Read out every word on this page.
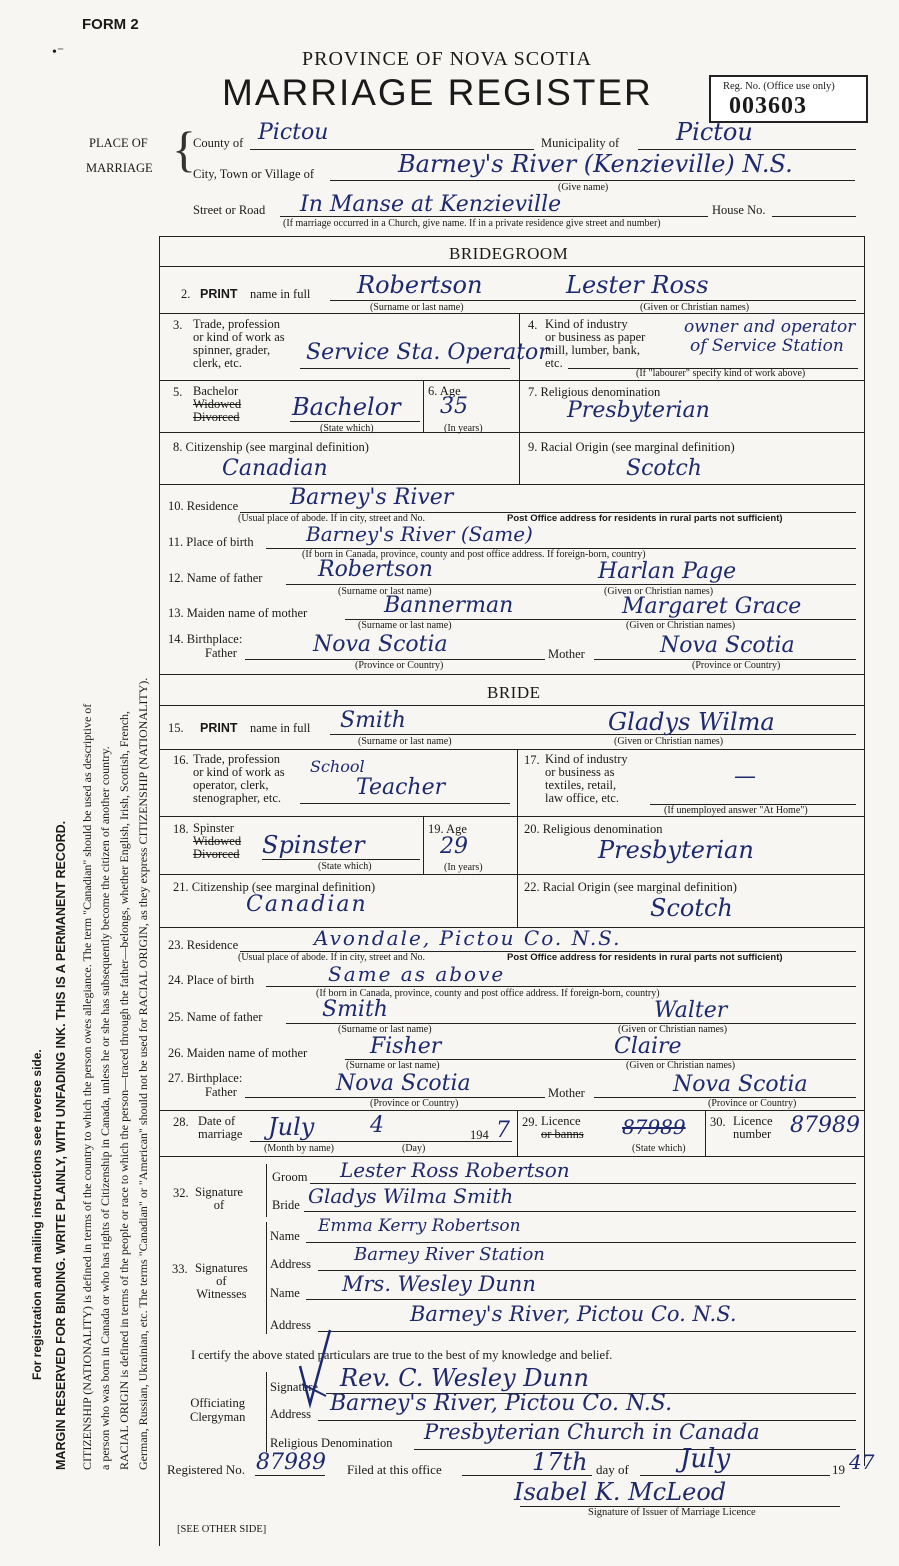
For registration and mailing instructions see reverse side. MARGIN RESERVED FOR BINDING. WRITE PLAINLY, WITH UNFADING INK. THIS IS A PERMANENT RECORD. CITIZENSHIP (NATIONALITY) is defined in terms of the country to which the person owes allegiance. The term "Canadian" should be used as descriptive of a person who was born in Canada or who has rights of Citizenship in Canada, unless he or she has subsequently become the citizen of another country. RACIAL ORIGIN is defined in terms of the people or race to which the person—traced through the father—belongs, whether English, Irish, Scottish, French, German, Russian, Ukrainian, etc. The terms "Canadian" or "American" should not be used for RACIAL ORIGIN, as they express CITIZENSHIP (NATIONALITY).
FORM 2
•⁻	PROVINCE OF NOVA SCOTIA
MARRIAGE REGISTER	Reg. No. (Office use only)
003603
PLACE OF
MARRIAGE {
County of Pictou	Municipality of Pictou
City, Town or Village of	Barney's River (Kenzieville) N.S.
(Give name)
Street or Road In Manse at Kenzieville	House No.
(If marriage occurred in a Church, give name. If in a private residence give street and number)
BRIDEGROOM
2. PRINT name in full Robertson	Lester Ross
(Surname or last name)	(Given or Christian names)
3. Trade, profession
or kind of work as
spinner, grader,
clerk, etc.	Service Sta. Operator
4. Kind of industry
or business as paper
mill, lumber, bank,
etc.
owner and operator
of Service Station
(If "labourer" specify kind of work above)
5. Bachelor
Widowed
Divorced Bachelor
(State which)
6. Age
35
(In years)
7. Religious denomination
Presbyterian
8. Citizenship (see marginal definition)
Canadian
9. Racial Origin (see marginal definition)
Scotch
10. Residence Barney's River
(Usual place of abode. If in city, street and No.	Post Office address for residents in rural parts not sufficient)
11. Place of birth	Barney's River (Same)
(If born in Canada, province, county and post office address. If foreign-born, country)
12. Name of father	Robertson	Harlan Page
(Surname or last name)	(Given or Christian names)
13. Maiden name of mother	Bannerman	Margaret Grace
(Surname or last name)	(Given or Christian names)
14. Birthplace:
Father	Nova Scotia	Mother	Nova Scotia
(Province or Country)	(Province or Country)
BRIDE
15. PRINT name in full Smith	Gladys Wilma
(Surname or last name)	(Given or Christian names)
16. Trade, profession
or kind of work as
operator, clerk,
stenographer, etc.
School
Teacher
17. Kind of industry
or business as
textiles, retail,
law office, etc.
—
(If unemployed answer "At Home")
18. Spinster
Widowed
Divorced Spinster
(State which)
19. Age
29
(In years)
20. Religious denomination
Presbyterian
21. Citizenship (see marginal definition)
Canadian
22. Racial Origin (see marginal definition)
Scotch
23. Residence	Avondale, Pictou Co. N.S.
(Usual place of abode. If in city, street and No.	Post Office address for residents in rural parts not sufficient)
24. Place of birth	Same as above
(If born in Canada, province, county and post office address. If foreign-born, country)
25. Name of father	Smith	Walter
(Surname or last name)	(Given or Christian names)
26. Maiden name of mother	Fisher	Claire
(Surname or last name)	(Given or Christian names)
27. Birthplace:
Father	Nova Scotia	Mother	Nova Scotia
(Province or Country)	(Province or Country)
28. Date of
marriage July	4	194 7
(Month by name)	(Day)
29. Licence
or banns 87989
(State which)
30. Licence
number 87989
32. Signature
of
Groom Lester Ross Robertson
Bride Gladys Wilma Smith
33. Signatures
of
Witnesses
Name Emma Kerry Robertson
Address Barney River Station
Name Mrs. Wesley Dunn
Address	Barney's River, Pictou Co. N.S.
I certify the above stated particulars are true to the best of my knowledge and belief.
Officiating
Clergyman
Signature Rev. C. Wesley Dunn
Address Barney's River, Pictou Co. N.S.
Religious Denomination Presbyterian Church in Canada
Registered No. 87989 Filed at this office	17th day of July	19 47
Isabel K. McLeod
Signature of Issuer of Marriage Licence
[SEE OTHER SIDE]
